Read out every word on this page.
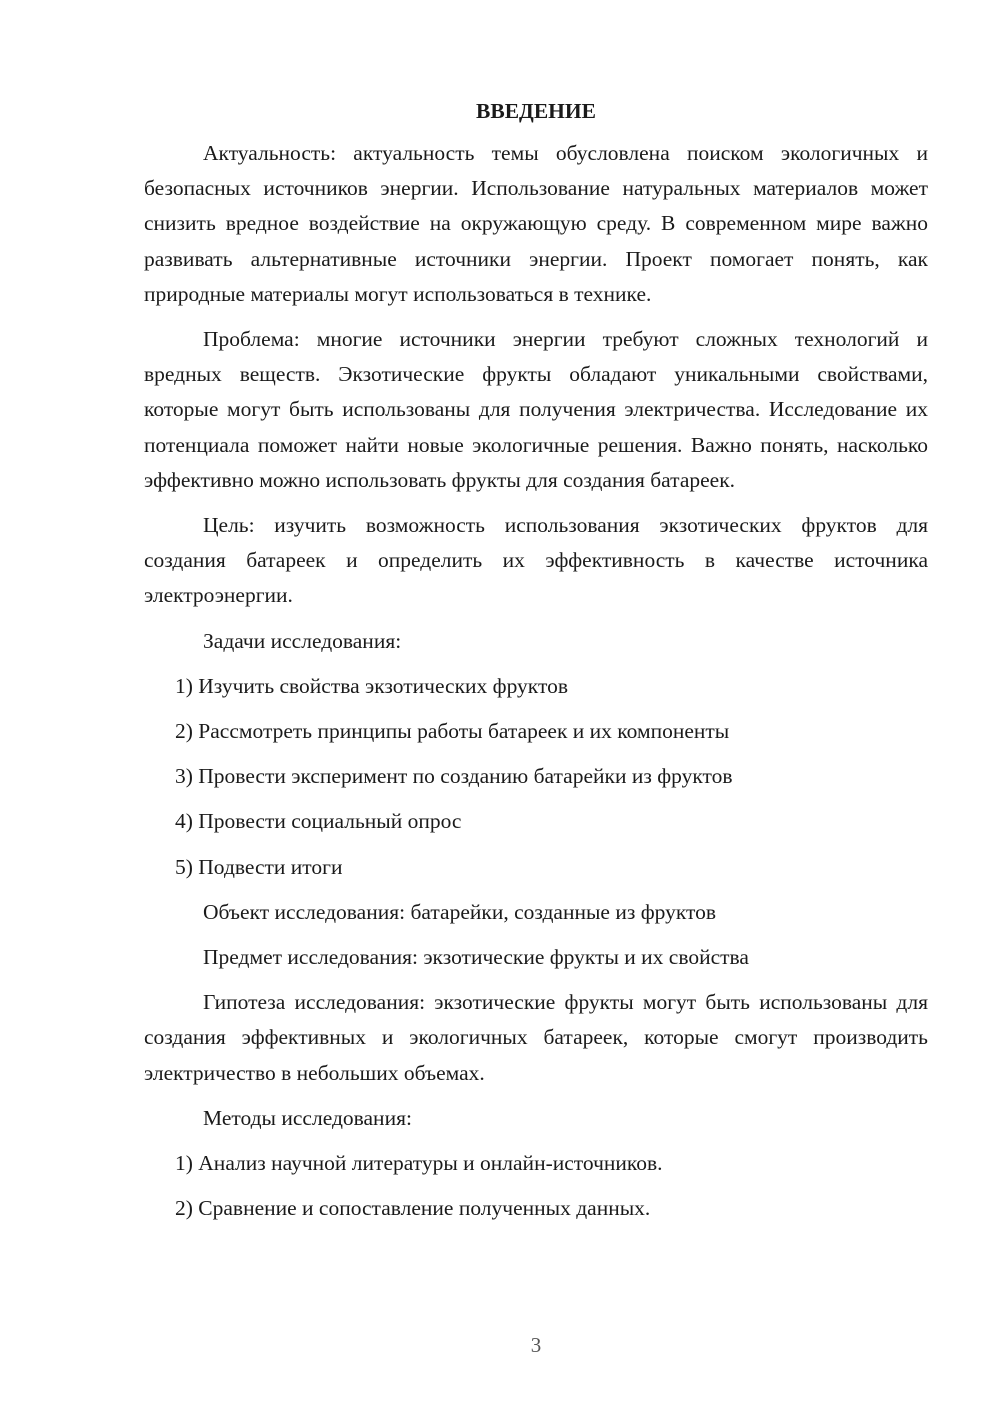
ВВЕДЕНИЕ

Актуальность: актуальность темы обусловлена поиском экологичных и безопасных источников энергии. Использование натуральных материалов может снизить вредное воздействие на окружающую среду. В современном мире важно развивать альтернативные источники энергии. Проект помогает понять, как природные материалы могут использоваться в технике.

Проблема: многие источники энергии требуют сложных технологий и вредных веществ. Экзотические фрукты обладают уникальными свойствами, которые могут быть использованы для получения электричества. Исследование их потенциала поможет найти новые экологичные решения. Важно понять, насколько эффективно можно использовать фрукты для создания батареек.

Цель: изучить возможность использования экзотических фруктов для создания батареек и определить их эффективность в качестве источника электроэнергии.

Задачи исследования:
1) Изучить свойства экзотических фруктов
2) Рассмотреть принципы работы батареек и их компоненты
3) Провести эксперимент по созданию батарейки из фруктов
4) Провести социальный опрос
5) Подвести итоги
Объект исследования: батарейки, созданные из фруктов
Предмет исследования: экзотические фрукты и их свойства

Гипотеза исследования: экзотические фрукты могут быть использованы для создания эффективных и экологичных батареек, которые смогут производить электричество в небольших объемах.

Методы исследования:
1) Анализ научной литературы и онлайн-источников.
2) Сравнение и сопоставление полученных данных.
3
